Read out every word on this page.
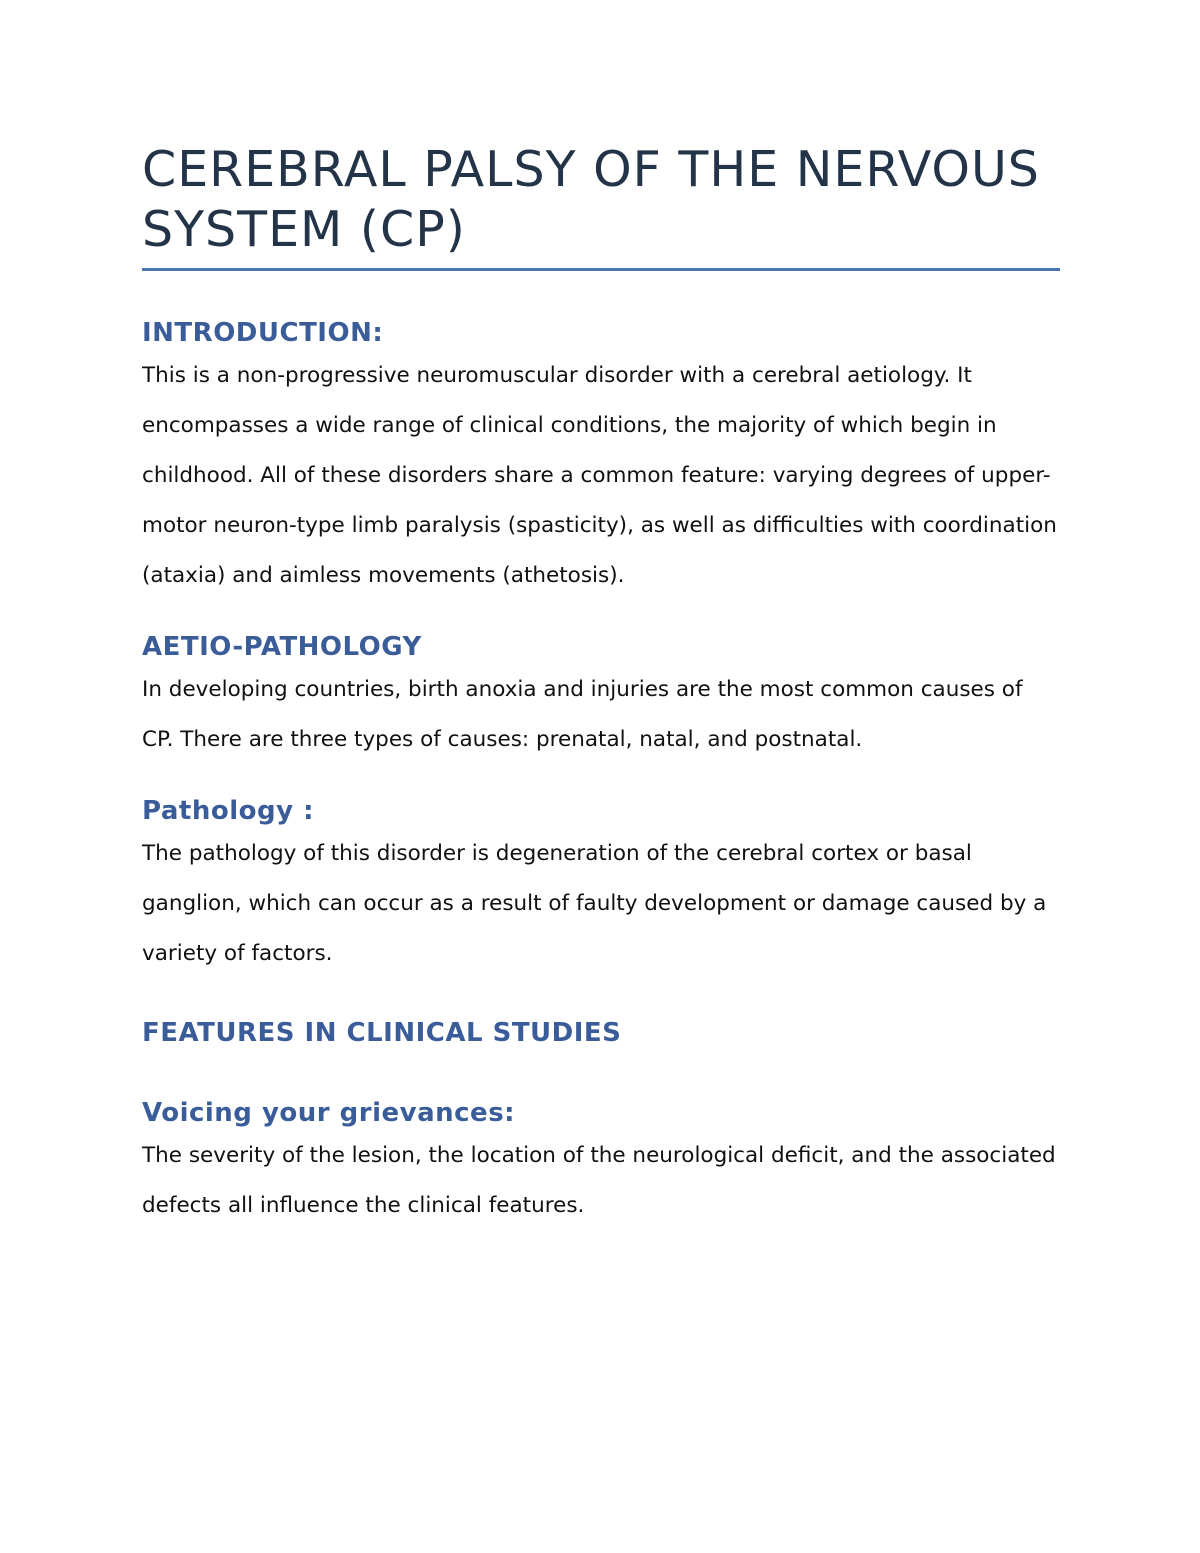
CEREBRAL PALSY OF THE NERVOUS SYSTEM (CP)
INTRODUCTION:

This is a non-progressive neuromuscular disorder with a cerebral aetiology. It encompasses a wide range of clinical conditions, the majority of which begin in childhood. All of these disorders share a common feature: varying degrees of upper-motor neuron-type limb paralysis (spasticity), as well as difficulties with coordination (ataxia) and aimless movements (athetosis).

AETIO-PATHOLOGY

In developing countries, birth anoxia and injuries are the most common causes of CP. There are three types of causes: prenatal, natal, and postnatal.

Pathology :

The pathology of this disorder is degeneration of the cerebral cortex or basal ganglion, which can occur as a result of faulty development or damage caused by a variety of factors.

FEATURES IN CLINICAL STUDIES
Voicing your grievances:

The severity of the lesion, the location of the neurological deficit, and the associated defects all influence the clinical features.
